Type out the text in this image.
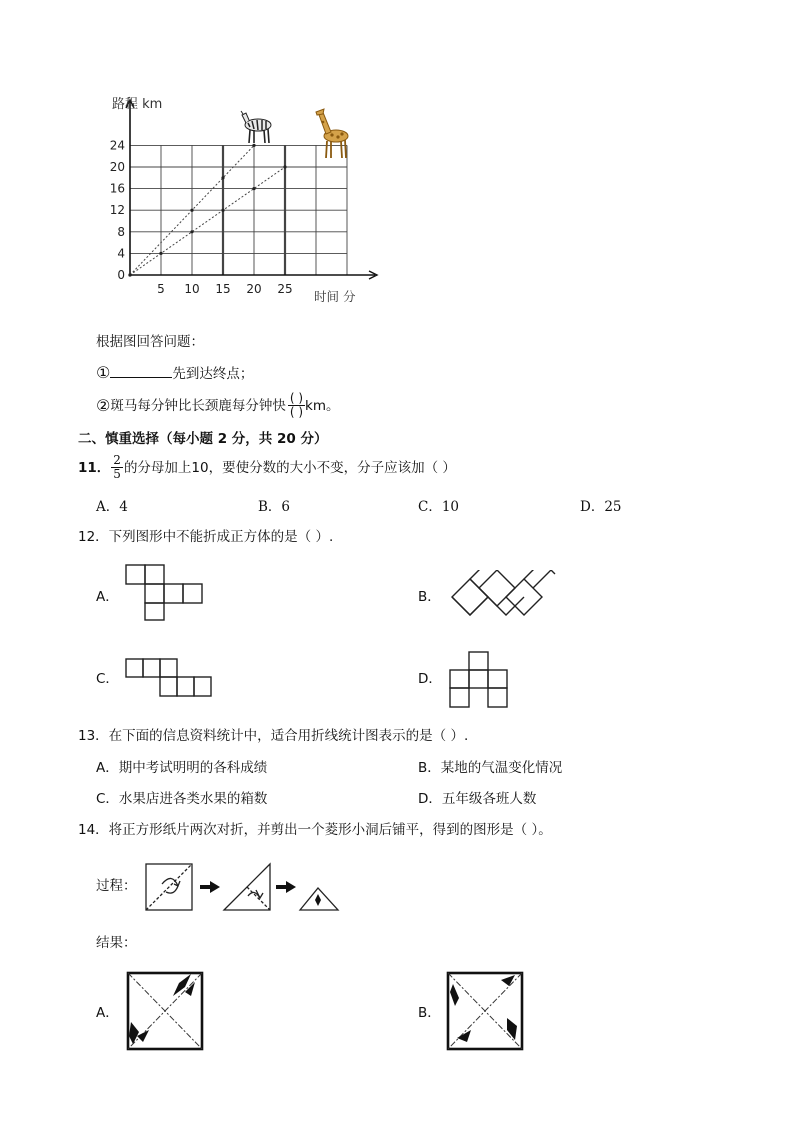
路程 km
时间 分
0
4
8
12
16
20
24
5 10 15 20 25
根据图回答问题：
①	先到达终点；
② 斑马每分钟比长颈鹿每分钟快 $\frac{( )}{( )}$ km。
二、慎重选择（每小题 2 分，共 20 分）
11． $\frac{2}{5}$ 的分母加上10，要使分数的大小不变，分子应该加（ ）
A．4	B．6	C．10	D．25
12．下列图形中不能折成正方体的是（ ）.
A．	B．
C．	D．
13．在下面的信息资料统计中，适合用折线统计图表示的是（ ）.
A．期中考试明明的各科成绩	B．某地的气温变化情况
C．水果店进各类水果的箱数	D．五年级各班人数
14．将正方形纸片两次对折，并剪出一个菱形小洞后铺平，得到的图形是（ ）。
过程：
结果：
A．	B．
